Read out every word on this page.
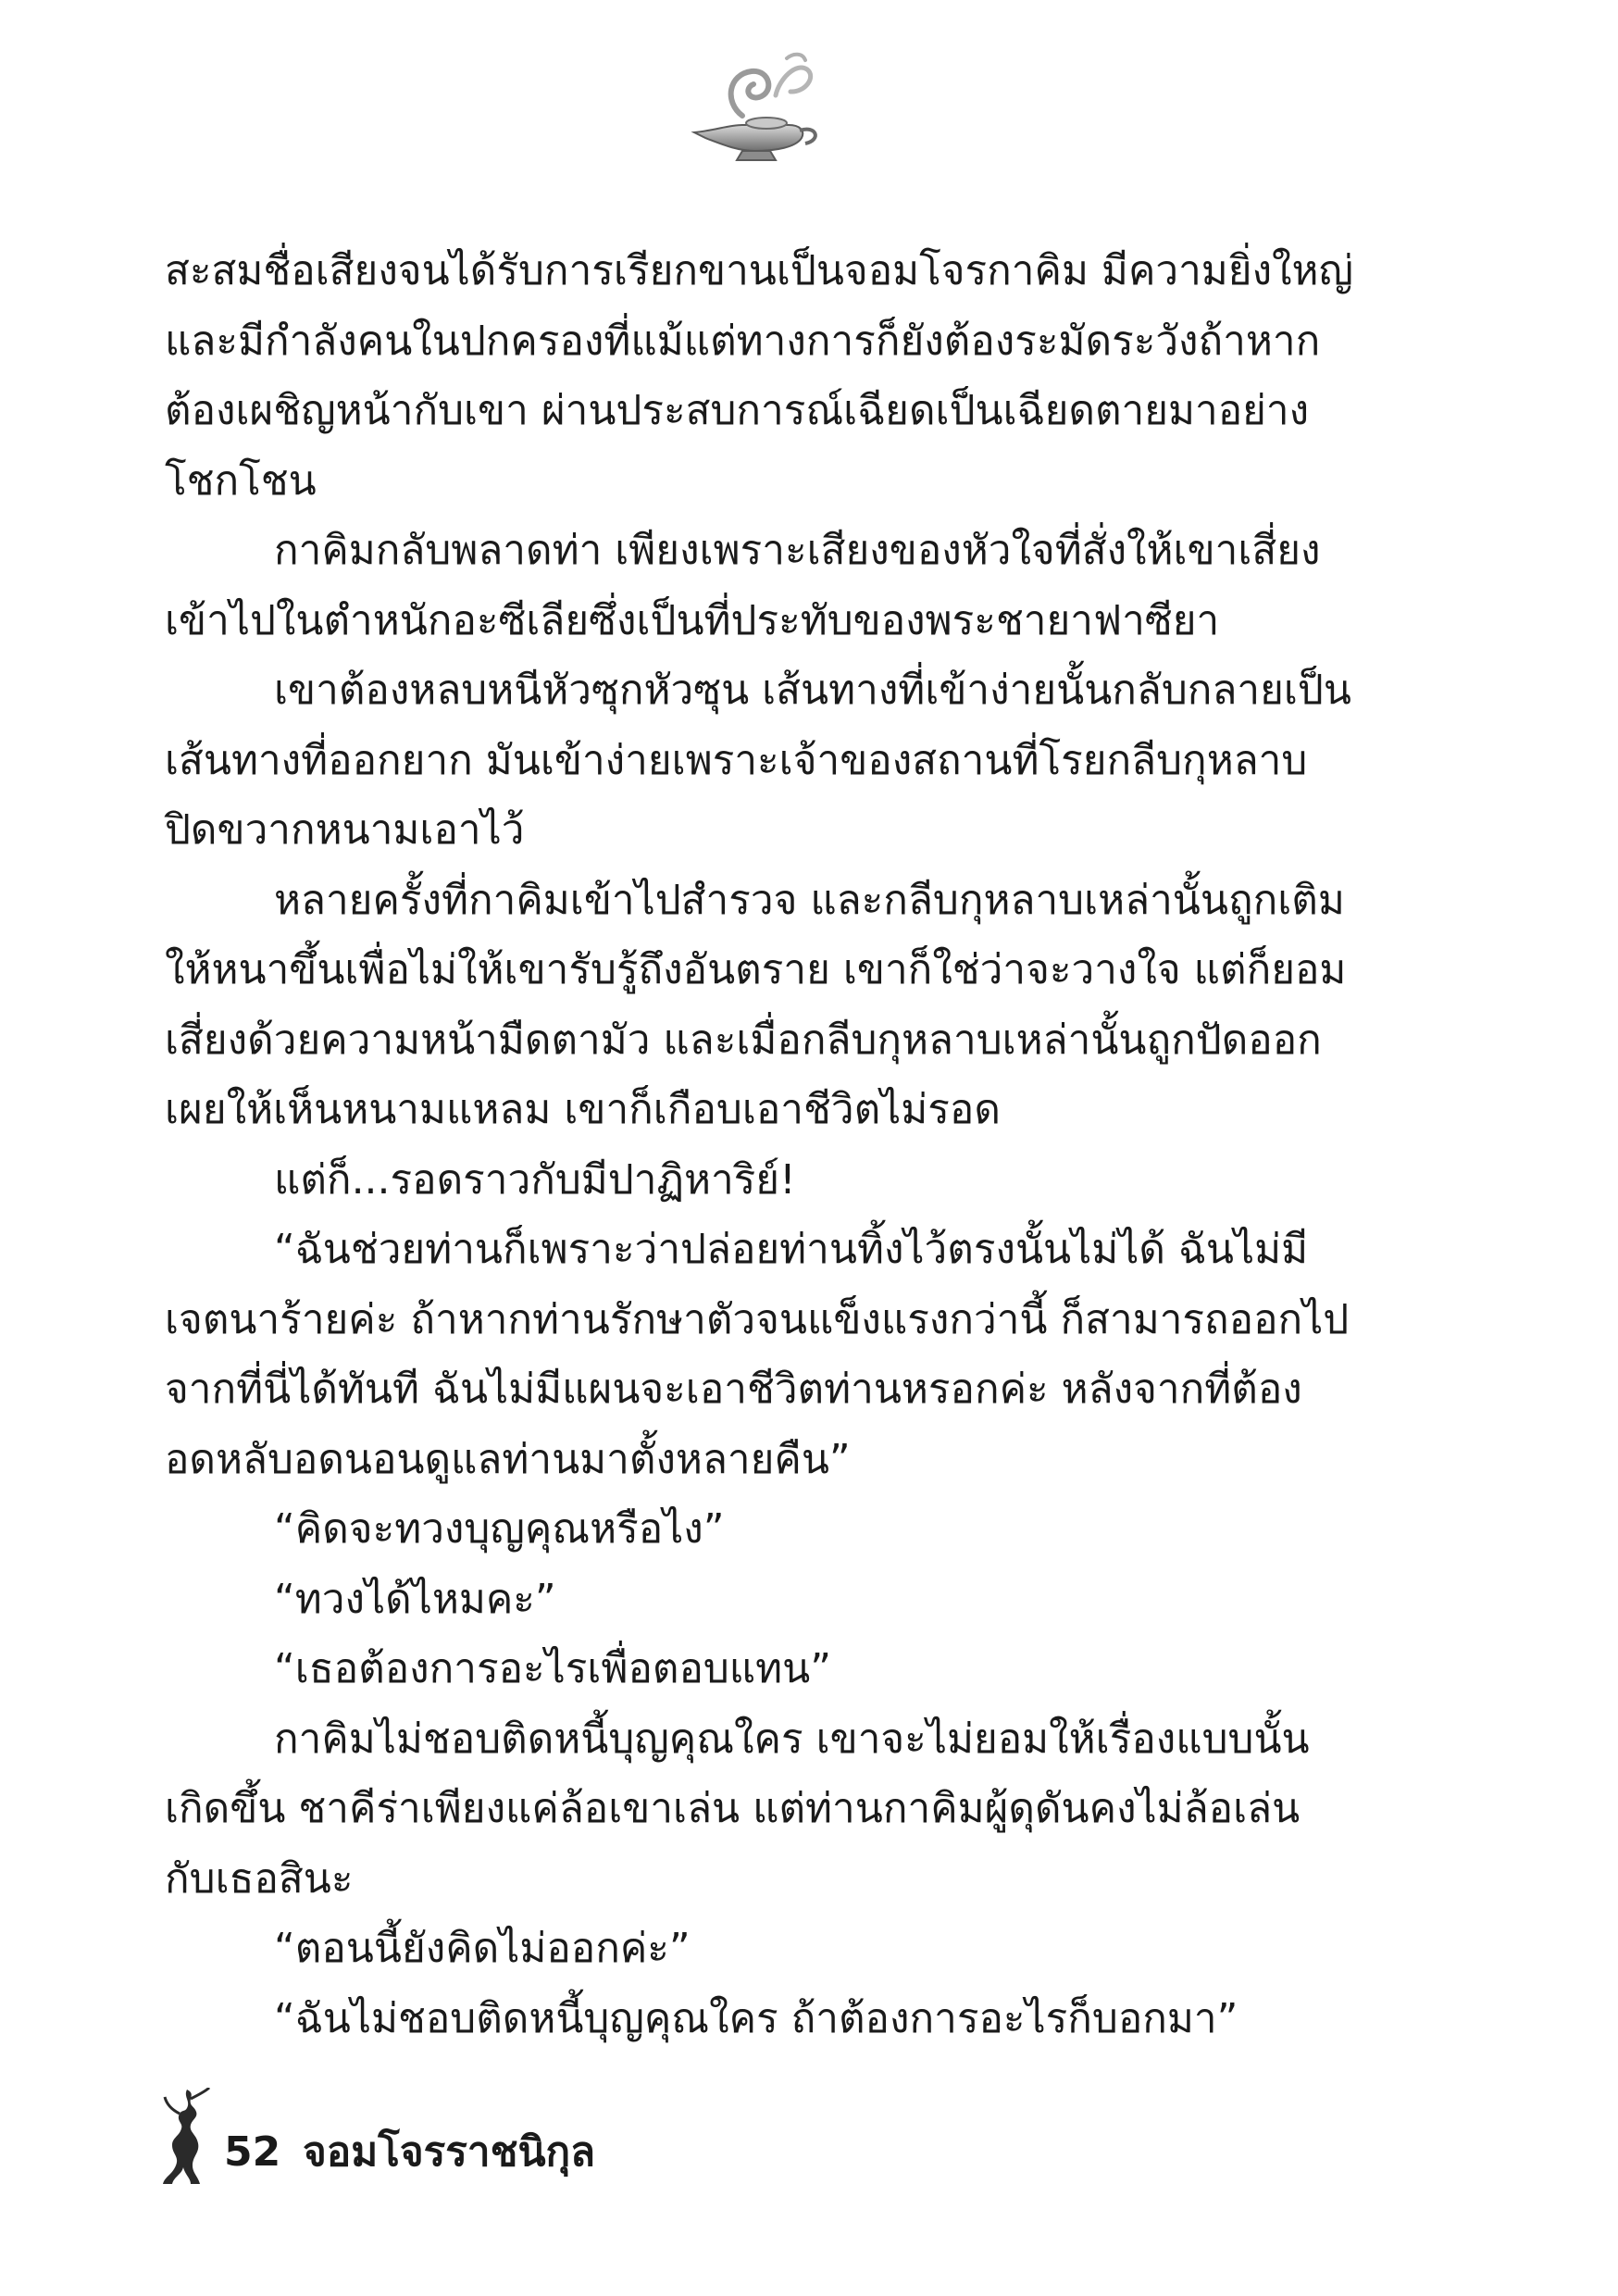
สะสมชื่อเสียงจนได้รับการเรียกขานเป็นจอมโจรกาคิม มีความยิ่งใหญ่

และมีกำลังคนในปกครองที่แม้แต่ทางการก็ยังต้องระมัดระวังถ้าหาก

ต้องเผชิญหน้ากับเขา ผ่านประสบการณ์เฉียดเป็นเฉียดตายมาอย่าง

โชกโชน

กาคิมกลับพลาดท่า เพียงเพราะเสียงของหัวใจที่สั่งให้เขาเสี่ยง

เข้าไปในตำหนักอะซีเลียซึ่งเป็นที่ประทับของพระชายาฟาซียา

เขาต้องหลบหนีหัวซุกหัวซุน เส้นทางที่เข้าง่ายนั้นกลับกลายเป็น

เส้นทางที่ออกยาก มันเข้าง่ายเพราะเจ้าของสถานที่โรยกลีบกุหลาบ

ปิดขวากหนามเอาไว้

หลายครั้งที่กาคิมเข้าไปสำรวจ และกลีบกุหลาบเหล่านั้นถูกเติม

ให้หนาขึ้นเพื่อไม่ให้เขารับรู้ถึงอันตราย เขาก็ใช่ว่าจะวางใจ แต่ก็ยอม

เสี่ยงด้วยความหน้ามืดตามัว และเมื่อกลีบกุหลาบเหล่านั้นถูกปัดออก

เผยให้เห็นหนามแหลม เขาก็เกือบเอาชีวิตไม่รอด

แต่ก็...รอดราวกับมีปาฏิหาริย์!

“ฉันช่วยท่านก็เพราะว่าปล่อยท่านทิ้งไว้ตรงนั้นไม่ได้ ฉันไม่มี

เจตนาร้ายค่ะ ถ้าหากท่านรักษาตัวจนแข็งแรงกว่านี้ ก็สามารถออกไป

จากที่นี่ได้ทันที ฉันไม่มีแผนจะเอาชีวิตท่านหรอกค่ะ หลังจากที่ต้อง

อดหลับอดนอนดูแลท่านมาตั้งหลายคืน”

“คิดจะทวงบุญคุณหรือไง”

“ทวงได้ไหมคะ”

“เธอต้องการอะไรเพื่อตอบแทน”

กาคิมไม่ชอบติดหนี้บุญคุณใคร เขาจะไม่ยอมให้เรื่องแบบนั้น

เกิดขึ้น ชาคีร่าเพียงแค่ล้อเขาเล่น แต่ท่านกาคิมผู้ดุดันคงไม่ล้อเล่น

กับเธอสินะ

“ตอนนี้ยังคิดไม่ออกค่ะ”

“ฉันไม่ชอบติดหนี้บุญคุณใคร ถ้าต้องการอะไรก็บอกมา”

52 จอมโจรราชนิกุล
